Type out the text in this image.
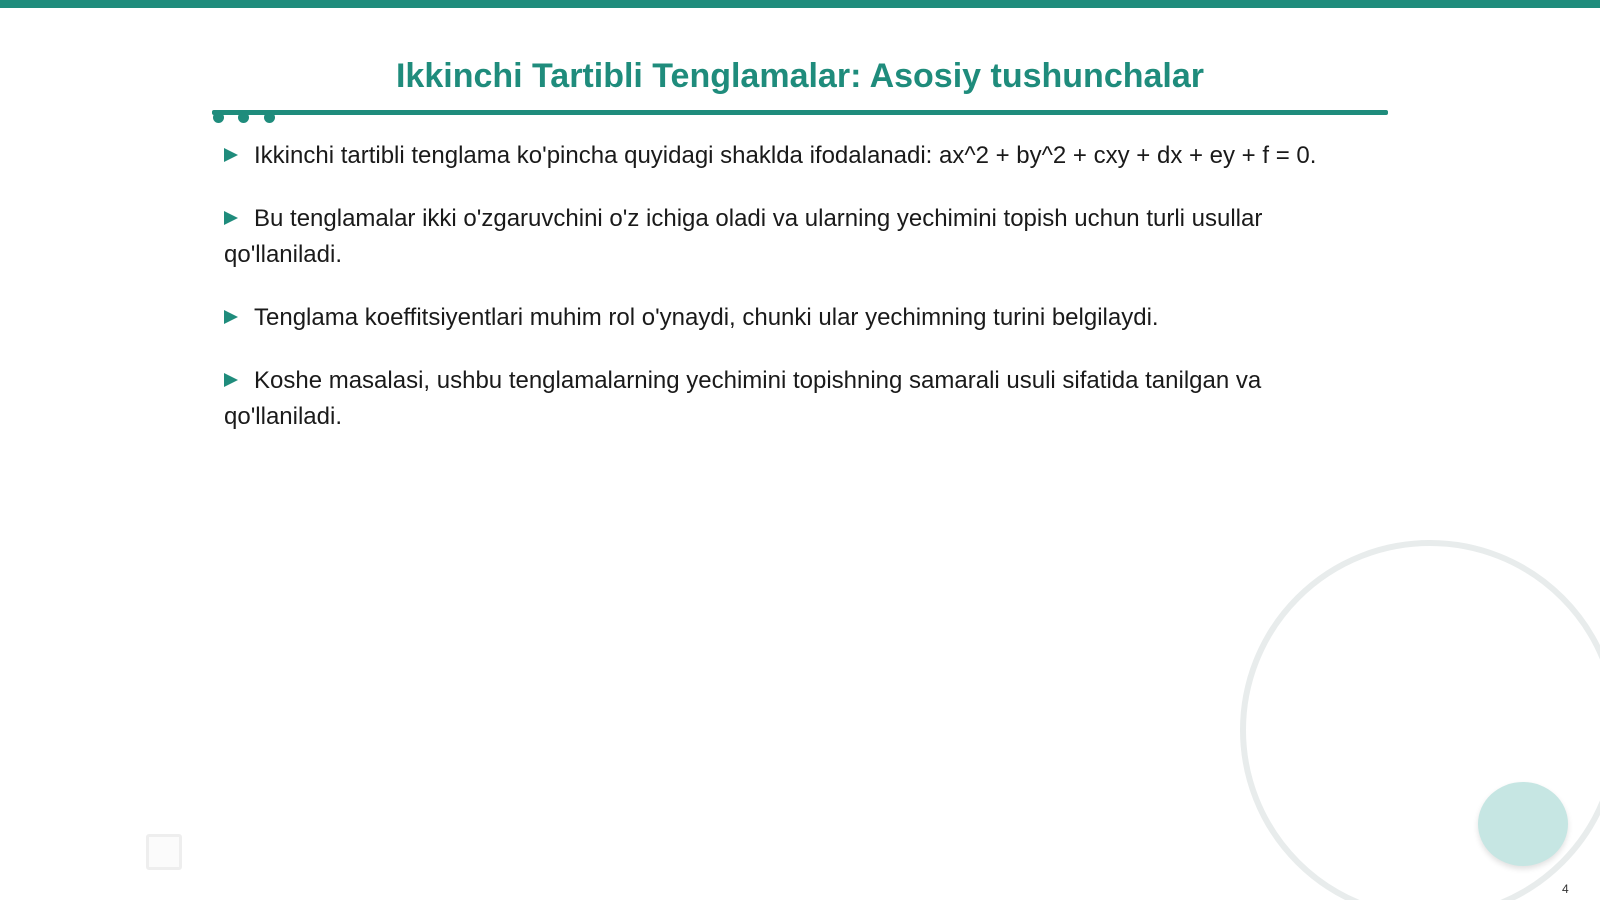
Ikkinchi Tartibli Tenglamalar: Asosiy tushunchalar
Ikkinchi tartibli tenglama ko'pincha quyidagi shaklda ifodalanadi: ax^2 + by^2 + cxy + dx + ey + f = 0.
Bu tenglamalar ikki o'zgaruvchini o'z ichiga oladi va ularning yechimini topish uchun turli usullar qo'llaniladi.
Tenglama koeffitsiyentlari muhim rol o'ynaydi, chunki ular yechimning turini belgilaydi.
Koshe masalasi, ushbu tenglamalarning yechimini topishning samarali usuli sifatida tanilgan va qo'llaniladi.
4
